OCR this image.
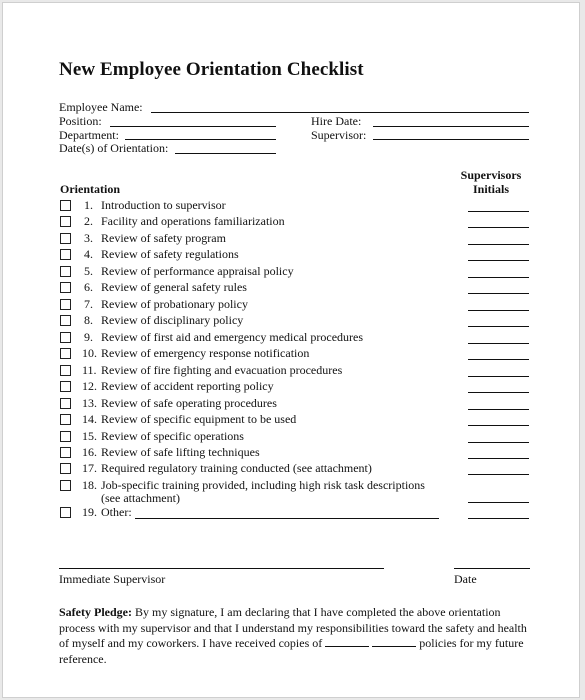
New Employee Orientation Checklist
Employee Name:
Position:	Hire Date:
Department:	Supervisor:
Date(s) of Orientation:
Supervisors
Initials
Orientation
1. Introduction to supervisor
2. Facility and operations familiarization
3. Review of safety program
4. Review of safety regulations
5. Review of performance appraisal policy
6. Review of general safety rules
7. Review of probationary policy
8. Review of disciplinary policy
9. Review of first aid and emergency medical procedures
10. Review of emergency response notification
11. Review of fire fighting and evacuation procedures
12. Review of accident reporting policy
13. Review of safe operating procedures
14. Review of specific equipment to be used
15. Review of specific operations
16. Review of safe lifting techniques
17. Required regulatory training conducted (see attachment)
18. Job-specific training provided, including high risk task descriptions
(see attachment)
19. Other:
Immediate Supervisor	Date
Safety Pledge: By my signature, I am declaring that I have completed the above orientation process with my supervisor and that I understand my responsibilities toward the safety and health of myself and my coworkers. I have received copies of	policies for my future reference.
